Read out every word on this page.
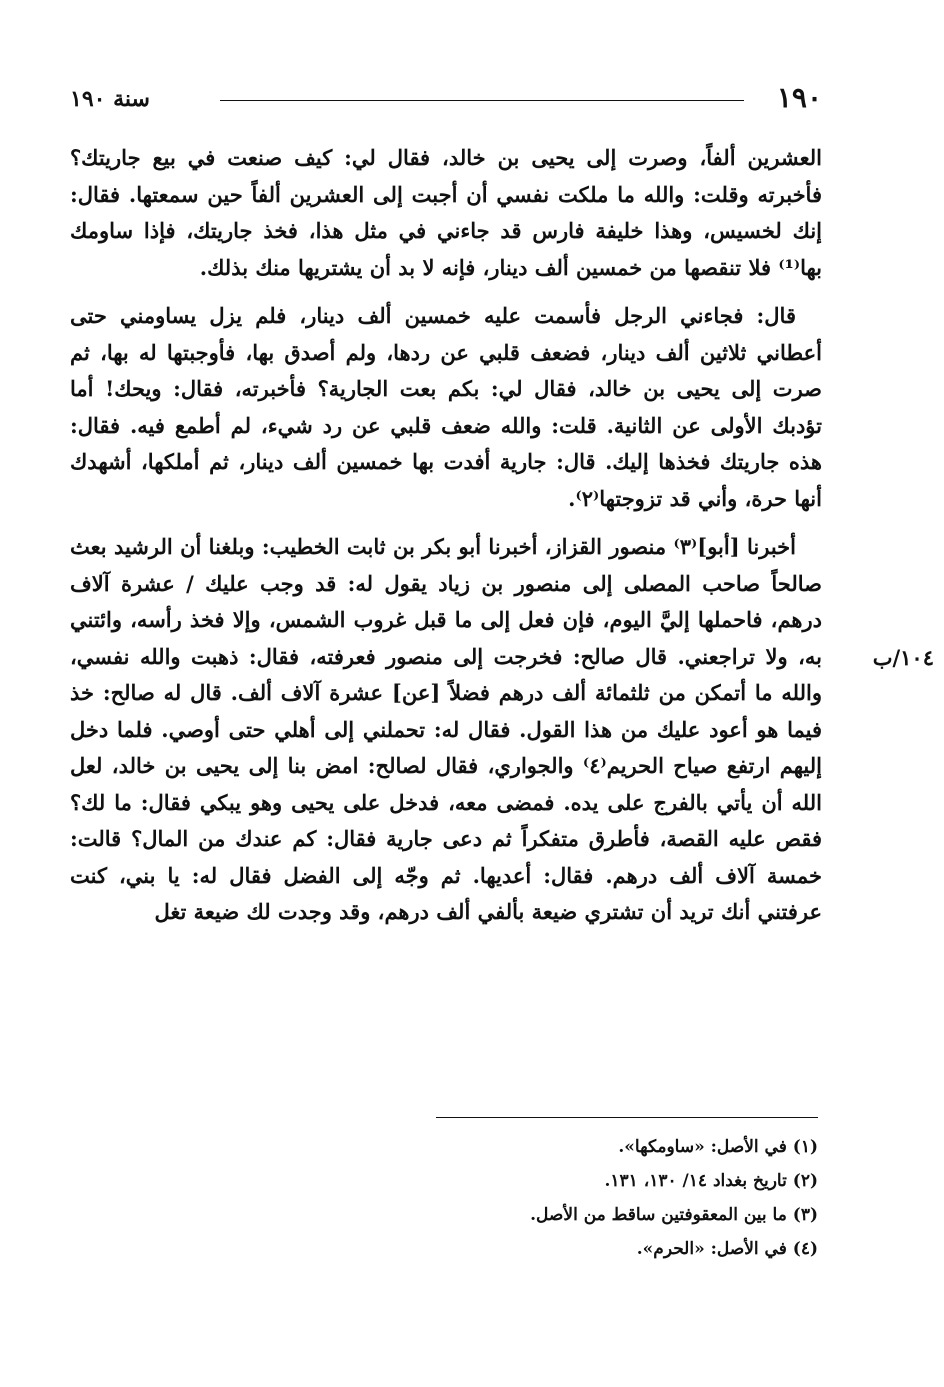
١٩٠
سنة ١٩٠

العشرين ألفاً، وصرت إلى يحيى بن خالد، فقال لي: كيف صنعت في بيع جاريتك؟ فأخبرته وقلت: والله ما ملكت نفسي أن أجبت إلى العشرين ألفاً حين سمعتها. فقال: إنك لخسيس، وهذا خليفة فارس قد جاءني في مثل هذا، فخذ جاريتك، فإذا ساومك بها⁽¹⁾ فلا تنقصها من خمسين ألف دينار، فإنه لا بد أن يشتريها منك بذلك.

قال: فجاءني الرجل فأسمت عليه خمسين ألف دينار، فلم يزل يساومني حتى أعطاني ثلاثين ألف دينار، فضعف قلبي عن ردها، ولم أصدق بها، فأوجبتها له بها، ثم صرت إلى يحيى بن خالد، فقال لي: بكم بعت الجارية؟ فأخبرته، فقال: ويحك! أما تؤدبك الأولى عن الثانية. قلت: والله ضعف قلبي عن رد شيء، لم أطمع فيه. فقال: هذه جاريتك فخذها إليك. قال: جارية أفدت بها خمسين ألف دينار، ثم أملكها، أشهدك أنها حرة، وأني قد تزوجتها⁽٢⁾.

أخبرنا [أبو]⁽٣⁾ منصور القزاز، أخبرنا أبو بكر بن ثابت الخطيب: وبلغنا أن الرشيد بعث صالحاً صاحب المصلى إلى منصور بن زياد يقول له: قد وجب عليك / عشرة آلاف درهم، فاحملها إليَّ اليوم، فإن فعل إلى ما قبل غروب الشمس، وإلا فخذ رأسه، وائتني به، ولا تراجعني. قال صالح: فخرجت إلى منصور فعرفته، فقال: ذهبت والله نفسي، والله ما أتمكن من ثلثمائة ألف درهم فضلاً [عن] عشرة آلاف ألف. قال له صالح: خذ فيما هو أعود عليك من هذا القول. فقال له: تحملني إلى أهلي حتى أوصي. فلما دخل إليهم ارتفع صياح الحريم⁽٤⁾ والجواري، فقال لصالح: امض بنا إلى يحيى بن خالد، لعل الله أن يأتي بالفرج على يده. فمضى معه، فدخل على يحيى وهو يبكي فقال: ما لك؟ فقص عليه القصة، فأطرق متفكراً ثم دعى جارية فقال: كم عندك من المال؟ قالت: خمسة آلاف ألف درهم. فقال: أعديها. ثم وجّه إلى الفضل فقال له: يا بني، كنت عرفتني أنك تريد أن تشتري ضيعة بألفي ألف درهم، وقد وجدت لك ضيعة تغل

١٠٤/ب
(١) في الأصل: «ساومكها».
(٢) تاريخ بغداد ١٤/ ١٣٠، ١٣١.
(٣) ما بين المعقوفتين ساقط من الأصل.
(٤) في الأصل: «الحرم».
